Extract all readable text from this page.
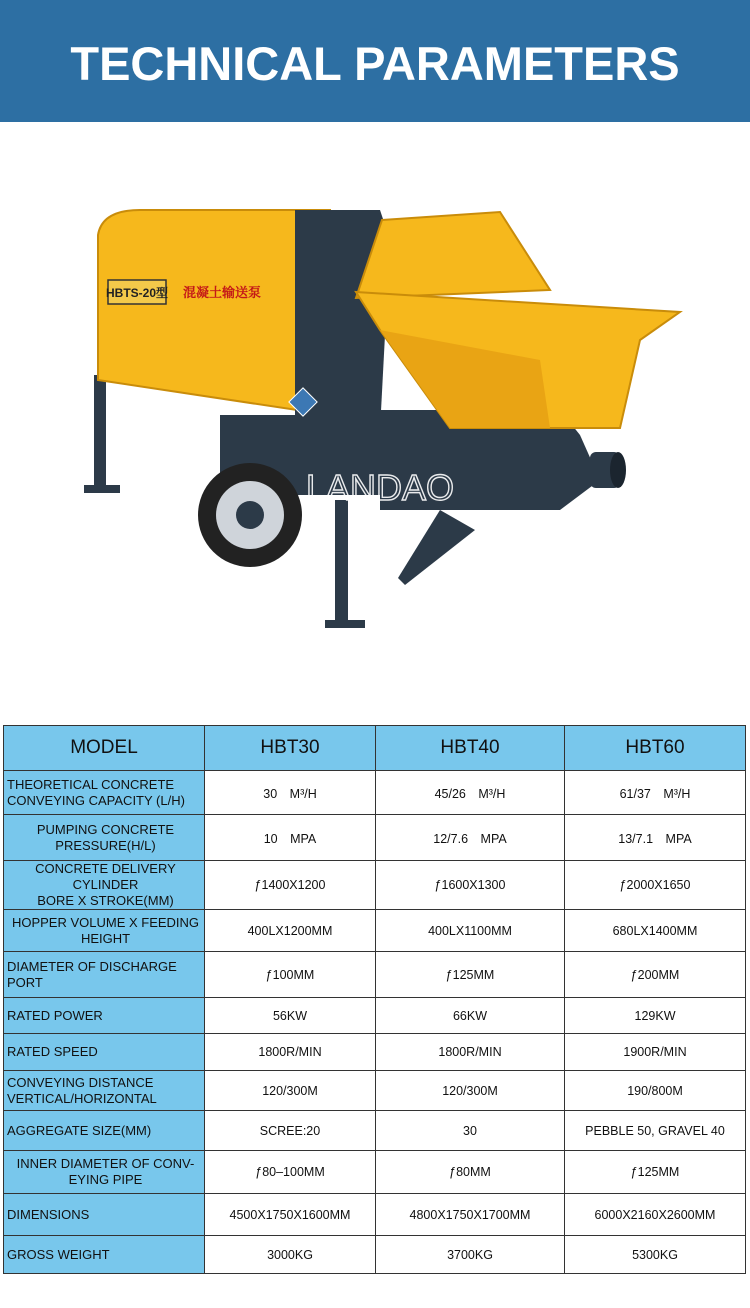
TECHNICAL PARAMETERS
HBTS-20型 混凝土输送泵
LANDAO
MODEL	HBT30	HBT40	HBT60
THEORETICAL CONCRETE
CONVEYING CAPACITY (L/H)	30　M³/H	45/26　M³/H	61/37　M³/H
PUMPING CONCRETE
PRESSURE(H/L)	10　MPA	12/7.6　MPA	13/7.1　MPA
CONCRETE DELIVERY CYLINDER
BORE X STROKE(MM)	ƒ1400X1200	ƒ1600X1300	ƒ2000X1650
HOPPER VOLUME X FEEDING
HEIGHT	400LX1200MM	400LX1100MM	680LX1400MM
DIAMETER OF DISCHARGE PORT	ƒ100MM	ƒ125MM	ƒ200MM
RATED POWER	56KW	66KW	129KW
RATED SPEED	1800R/MIN	1800R/MIN	1900R/MIN
CONVEYING DISTANCE
VERTICAL/HORIZONTAL	120/300M	120/300M	190/800M
AGGREGATE SIZE(MM)	SCREE:20	30	PEBBLE 50, GRAVEL 40
INNER DIAMETER OF CONV-
EYING PIPE	ƒ80–100MM	ƒ80MM	ƒ125MM
DIMENSIONS	4500X1750X1600MM	4800X1750X1700MM	6000X2160X2600MM
GROSS WEIGHT	3000KG	3700KG	5300KG
